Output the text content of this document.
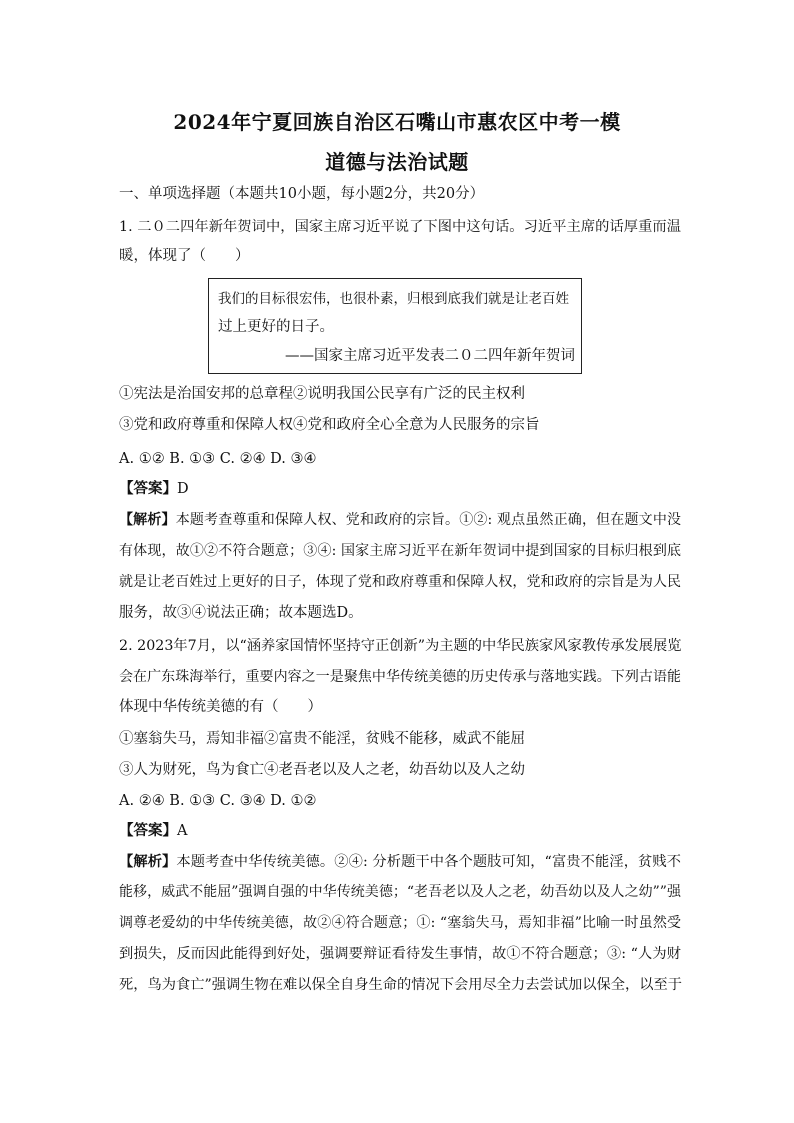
2024年宁夏回族自治区石嘴山市惠农区中考一模
道德与法治试题
一、单项选择题（本题共10小题，每小题2分，共20分）
1. 二０二四年新年贺词中，国家主席习近平说了下图中这句话。习近平主席的话厚重而温
暖，体现了（　　）
我们的目标很宏伟，也很朴素，归根到底我们就是让老百姓
过上更好的日子。
——国家主席习近平发表二０二四年新年贺词
①宪法是治国安邦的总章程②说明我国公民享有广泛的民主权利
③党和政府尊重和保障人权④党和政府全心全意为人民服务的宗旨
A. ①② B. ①③ C. ②④ D. ③④
【答案】D
【解析】本题考查尊重和保障人权、党和政府的宗旨。①②: 观点虽然正确，但在题文中没
有体现，故①②不符合题意；③④: 国家主席习近平在新年贺词中提到国家的目标归根到底
就是让老百姓过上更好的日子，体现了党和政府尊重和保障人权，党和政府的宗旨是为人民
服务，故③④说法正确；故本题选D。
2. 2023年7月，以“涵养家国情怀坚持守正创新”为主题的中华民族家风家教传承发展展览
会在广东珠海举行，重要内容之一是聚焦中华传统美德的历史传承与落地实践。下列古语能
体现中华传统美德的有（　　）
①塞翁失马，焉知非福②富贵不能淫，贫贱不能移，威武不能屈
③人为财死，鸟为食亡④老吾老以及人之老，幼吾幼以及人之幼
A. ②④ B. ①③ C. ③④ D. ①②
【答案】A
【解析】本题考查中华传统美德。②④: 分析题干中各个题肢可知，“富贵不能淫，贫贱不
能移，威武不能屈”强调自强的中华传统美德；“老吾老以及人之老，幼吾幼以及人之幼””强
调尊老爱幼的中华传统美德，故②④符合题意；①: “塞翁失马，焉知非福”比喻一时虽然受
到损失，反而因此能得到好处，强调要辩证看待发生事情，故①不符合题意；③: “人为财
死，鸟为食亡”强调生物在难以保全自身生命的情况下会用尽全力去尝试加以保全，以至于
